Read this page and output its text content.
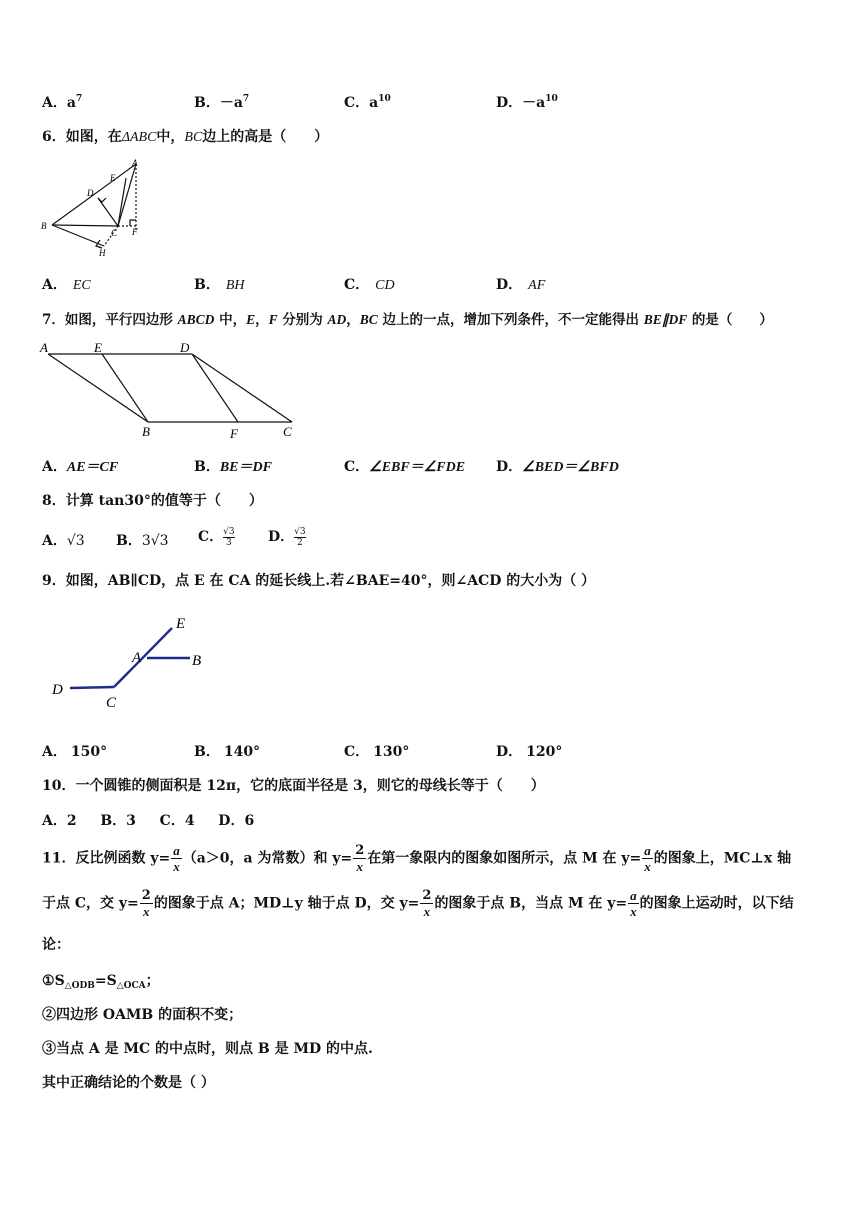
A．$a^7$	B．$-a^7$	C．$a^{10}$	D．$-a^{10}$
6．如图，在ΔABC中，BC边上的高是（　　）
A
B
C
D
E
F
H
A． EC	B． BH	C． CD	D． AF
7．如图，平行四边形 ABCD 中，E，F 分别为 AD，BC 边上的一点，增加下列条件，不一定能得出 BE∥DF 的是（　　）
A	E	D
B	F	C
A．AE＝CF	B．BE＝DF	C．∠EBF＝∠FDE D．∠BED＝∠BFD
8．计算 tan30°的值等于（　　）
A．√3 B．3√3 C． $\frac{√3}{3}$ D． $\frac{√3}{2}$
9．如图，AB∥CD，点 E 在 CA 的延长线上.若∠BAE=40°，则∠ACD 的大小为（ ）
E
A	B
D
C
A． 150°	B． 140°	C． 130°	D． 120°
10．一个圆锥的侧面积是 12π，它的底面半径是 3，则它的母线长等于（　　）
A．2　  B．3　  C．4　  D．6
11．反比例函数 $y= \frac{a}{x} (a>0$，a 为常数）和 $y= \frac{2}{x}$ 在第一象限内的图象如图所示，点 M 在 $y= \frac{a}{x}$ 的图象上，MC⊥x 轴
于点 C，交 $y= \frac{2}{x}$ 的图象于点 A；MD⊥y 轴于点 D，交 $y= \frac{2}{x}$ 的图象于点 B，当点 M 在 $y= \frac{a}{x}$ 的图象上运动时，以下结
论：
$①S_{\triangle ODB}=S_{\triangle OCA}$；
②四边形 OAMB 的面积不变；
③当点 A 是 MC 的中点时，则点 B 是 MD 的中点.
其中正确结论的个数是（ ）
